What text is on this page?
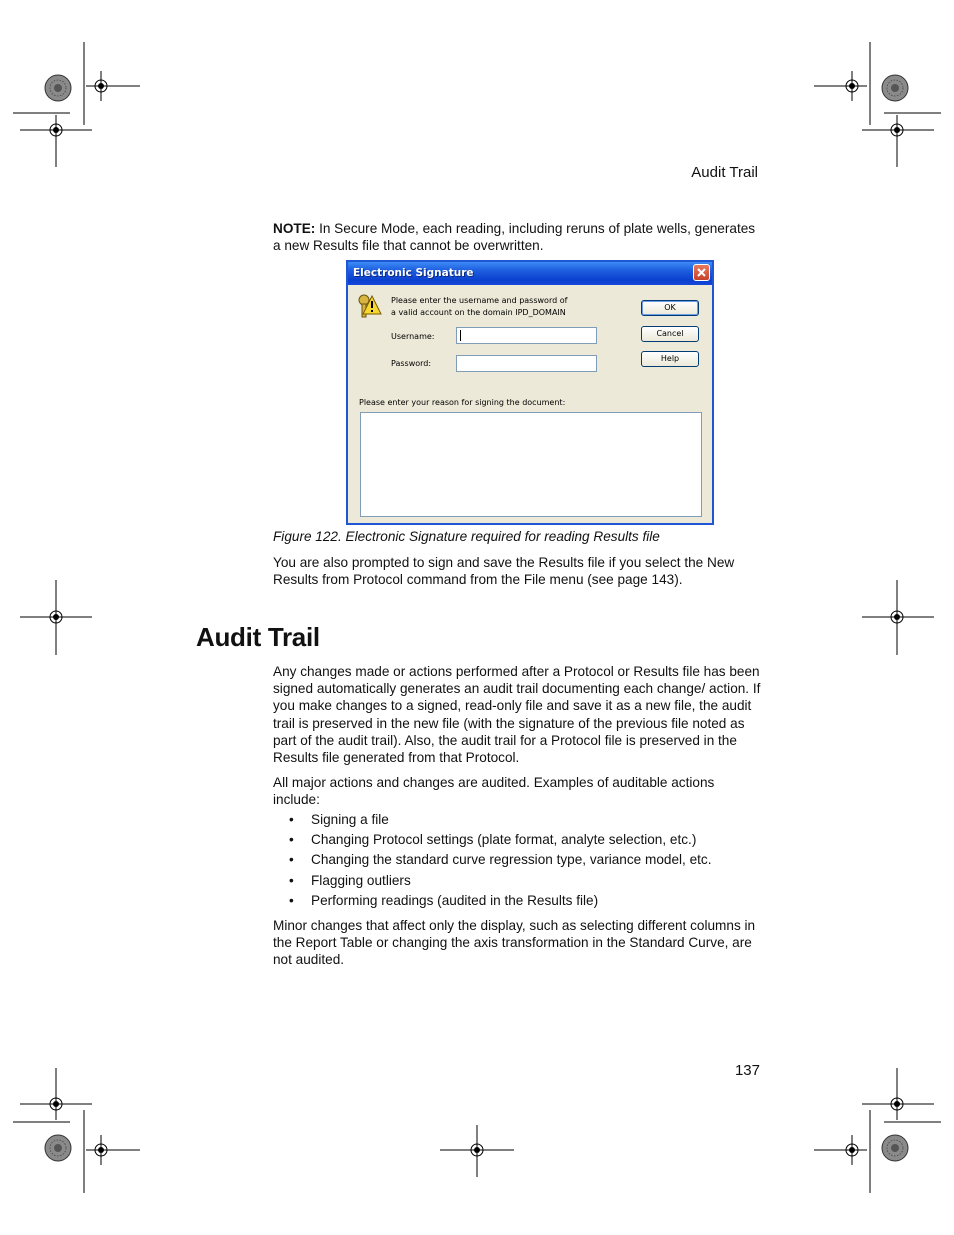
Audit Trail
NOTE: In Secure Mode, each reading, including reruns of plate wells, generates a new Results file that cannot be overwritten.
Electronic Signature
Please enter the username and password of
a valid account on the domain IPD_DOMAIN
Username:
Password:
OK
Cancel
Help
Please enter your reason for signing the document:
Figure 122. Electronic Signature required for reading Results file
You are also prompted to sign and save the Results file if you select the New Results from Protocol command from the File menu (see page 143).
Audit Trail
Any changes made or actions performed after a Protocol or Results file has been signed automatically generates an audit trail documenting each change/ action. If you make changes to a signed, read-only file and save it as a new file, the audit trail is preserved in the new file (with the signature of the previous file noted as part of the audit trail). Also, the audit trail for a Protocol file is preserved in the Results file generated from that Protocol.
All major actions and changes are audited. Examples of auditable actions include:
• Signing a file
• Changing Protocol settings (plate format, analyte selection, etc.)
• Changing the standard curve regression type, variance model, etc.
• Flagging outliers
• Performing readings (audited in the Results file)
Minor changes that affect only the display, such as selecting different columns in the Report Table or changing the axis transformation in the Standard Curve, are not audited.
137
